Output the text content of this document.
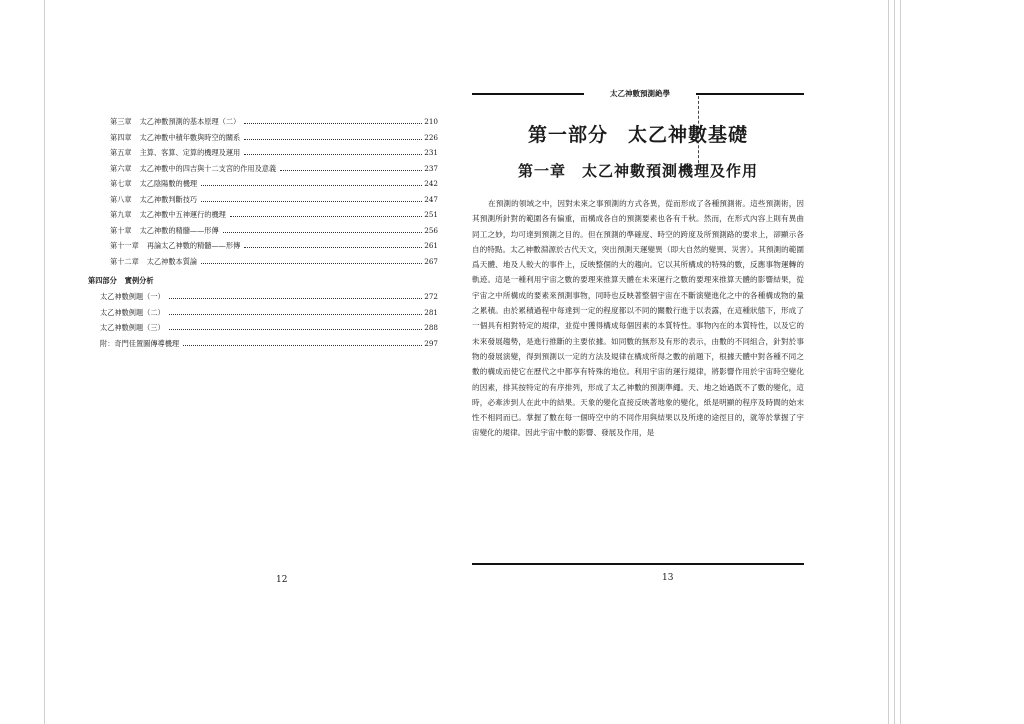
第三章 太乙神數預測的基本原理（二）	210
第四章 太乙神數中積年數與時空的關系	226
第五章 主算、客算、定算的機理及運用	231
第六章 太乙神數中的四吉與十二支宮的作用及意義	237
第七章 太乙陰陽數的機理	242
第八章 太乙神數判斷技巧	247
第九章 太乙神數中五神運行的機理	251
第十章 太乙神數的精髓——形傳	256
第十一章 再論太乙神數的精髓——形傳	261
第十二章 太乙神數本質論	267
第四部分 實例分析
太乙神數例題（一）	272
太乙神數例題（二）	281
太乙神數例題（三）	288
附：奇門佳置圖傳導機理	297
12
太乙神數預測絶學
第一部分　太乙神數基礎
第一章　太乙神數預測機理及作用

在預測的領域之中，因對未來之事預測的方式各異，從而形成了各種預測術。這些預測術，因其預測所針對的範圍各有偏重，而構成各自的預測要素也各有千秋。然而，在形式內容上則有異曲同工之妙，均可達到預測之目的。但在預測的準確度、時空的跨度及所預測路的要求上，卻顯示各自的特點。太乙神數淵源於古代天文，突出預測天運變異（即大自然的變異、災害）。其預測的範圍爲天體、地及人較大的事件上，反映整個的大的趨向。它以其所構成的特殊的數，反應事物運轉的軌迹。這是一種利用宇宙之數的要理來推算天體在未來運行之數的要理來推算天體的影響結果，從宇宙之中所構成的要素來預測事物，同時也反映著整個宇宙在不斷演變進化之中的各種構成物的量之累積。由於累積過程中每達到一定的程度都以不同的關數行進于以表露，在這種狀態下，形成了一個具有相對特定的規律，並從中獲得構成每個因素的本質特性。事物內在的本質特性，以及它的未來發展趨勢，是進行推斷的主要依據。如同數的無形及有形的表示，由數的不同組合，針對於事物的發展演變，得到預測以一定的方法及規律在構成所得之數的前題下，根據天體中對各種不同之數的構成而使它在歷代之中都享有特殊的地位。利用宇宙的運行規律，將影響作用於宇宙時空變化的因素，排其按特定的有序排列，形成了太乙神數的預測準繩。天、地之始過既不了數的變化，這時，必牽涉到人在此中的結果。天象的變化直接反映著地象的變化，紙是明顯的程序及時間的始末性不相同而已。掌握了數在每一個時空中的不同作用與結果以及所達的途徑目的，就等於掌握了宇宙變化的規律。因此宇宙中數的影響、發展及作用，是

13
